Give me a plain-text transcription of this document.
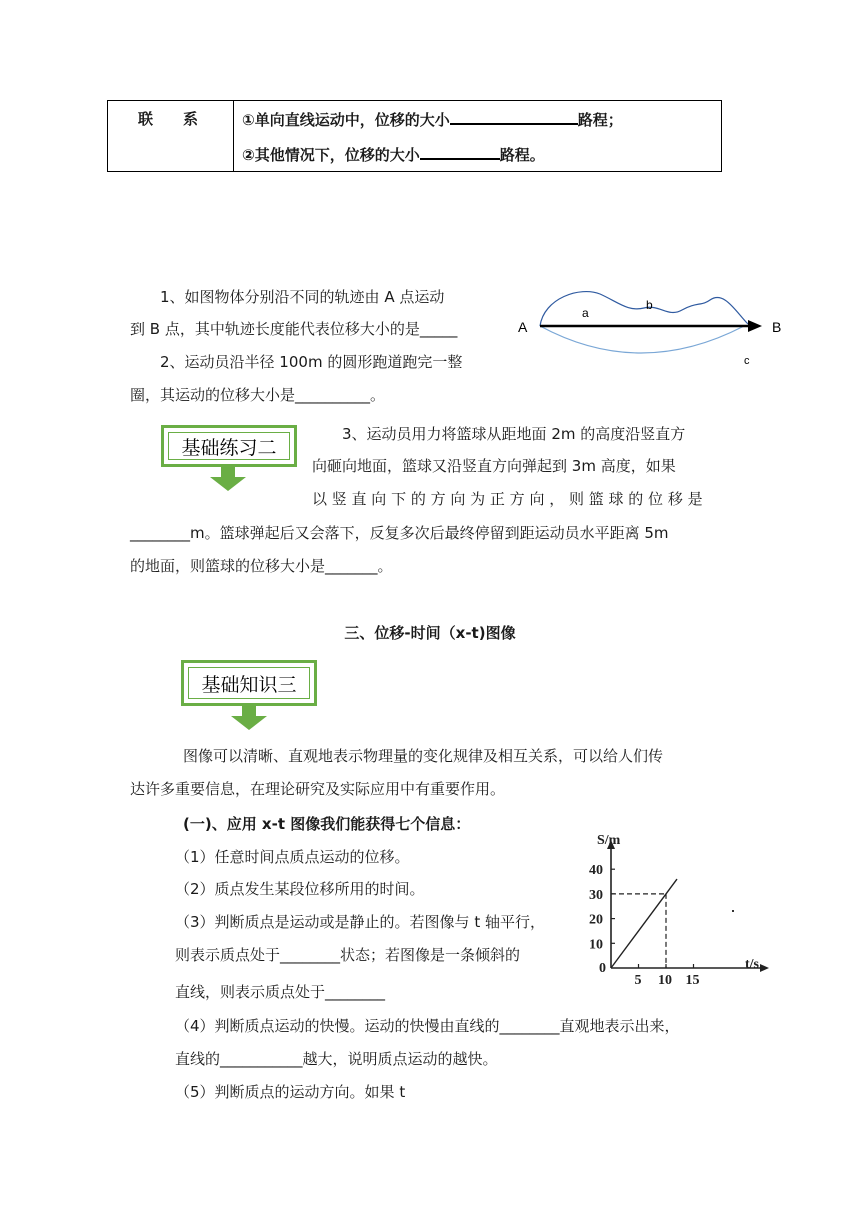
联　　系	①单向直线运动中，位移的大小	路程；
②其他情况下，位移的大小	路程。
1、如图物体分别沿不同的轨迹由 A 点运动
到 B 点，其中轨迹长度能代表位移大小的是_____
2、运动员沿半径 100m 的圆形跑道跑完一整
圈，其运动的位移大小是__________。
A	B
a
b
c
基础练习二
3、运动员用力将篮球从距地面 2m 的高度沿竖直方
向砸向地面，篮球又沿竖直方向弹起到 3m 高度，如果
以 竖 直 向 下 的 方 向 为 正 方 向 ， 则 篮 球 的 位 移 是
________m。篮球弹起后又会落下，反复多次后最终停留到距运动员水平距离 5m
的地面，则篮球的位移大小是_______。
三、位移-时间（x-t)图像
基础知识三
图像可以清晰、直观地表示物理量的变化规律及相互关系，可以给人们传
达许多重要信息，在理论研究及实际应用中有重要作用。
(一)、应用 x-t 图像我们能获得七个信息：
（1）任意时间点质点运动的位移。
（2）质点发生某段位移所用的时间。
（3）判断质点是运动或是静止的。若图像与 t 轴平行，
则表示质点处于________状态；若图像是一条倾斜的
直线，则表示质点处于________
（4）判断质点运动的快慢。运动的快慢由直线的________直观地表示出来，
直线的___________越大，说明质点运动的越快。
（5）判断质点的运动方向。如果 t
S/m
t/s
0
10
20
30
40
5 10 15
